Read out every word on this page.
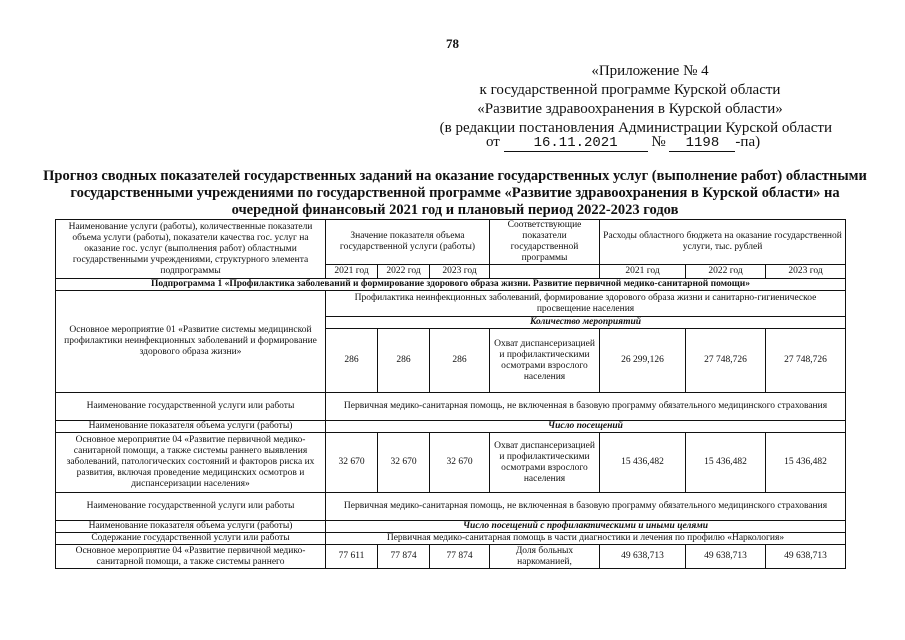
78
«Приложение № 4
к государственной программе Курской области
«Развитие здравоохранения в Курской области»
(в редакции постановления Администрации Курской области
от 16.11.2021 № 1198 -па)
Прогноз сводных показателей государственных заданий на оказание государственных услуг (выполнение работ) областными государственными учреждениями по государственной программе «Развитие здравоохранения в Курской области» на очередной финансовый 2021 год и плановый период 2022-2023 годов
Наименование услуги (работы), количественные показатели объема услуги (работы), показатели качества гос. услуг на оказание гос. услуг (выполнения работ) областными государственными учреждениями, структурного элемента подпрограммы	Значение показателя объема государственной услуги (работы)			Соответствующие показатели государственной программы	Расходы областного бюджета на оказание государственной услуги, тыс. рублей		
	2021 год	2022 год	2023 год		2021 год	2022 год	2023 год
Подпрограмма 1 «Профилактика заболеваний и формирование здорового образа жизни. Развитие первичной медико-санитарной помощи»							
Основное мероприятие 01 «Развитие системы медицинской профилактики неинфекционных заболеваний и формирование здорового образа жизни»	Профилактика неинфекционных заболеваний, формирование здорового образа жизни и санитарно-гигиеническое просвещение населения						
	Количество мероприятий						
	286	286	286	Охват диспансеризацией и профилактическими осмотрами взрослого населения	26 299,126	27 748,726	27 748,726
Наименование государственной услуги или работы	Первичная медико-санитарная помощь, не включенная в базовую программу обязательного медицинского страхования						
Наименование показателя объема услуги (работы)	Число посещений						
Основное мероприятие 04 «Развитие первичной медико-санитарной помощи, а также системы раннего выявления заболеваний, патологических состояний и факторов риска их развития, включая проведение медицинских осмотров и диспансеризации населения»	32 670	32 670	32 670	Охват диспансеризацией и профилактическими осмотрами взрослого населения	15 436,482	15 436,482	15 436,482
Наименование государственной услуги или работы	Первичная медико-санитарная помощь, не включенная в базовую программу обязательного медицинского страхования						
Наименование показателя объема услуги (работы)	Число посещений с профилактическими и иными целями						
Содержание государственной услуги или работы	Первичная медико-санитарная помощь в части диагностики и лечения по профилю «Наркология»						
Основное мероприятие 04 «Развитие первичной медико-санитарной помощи, а также системы раннего	77 611	77 874	77 874	Доля больных наркоманией,	49 638,713	49 638,713	49 638,713
